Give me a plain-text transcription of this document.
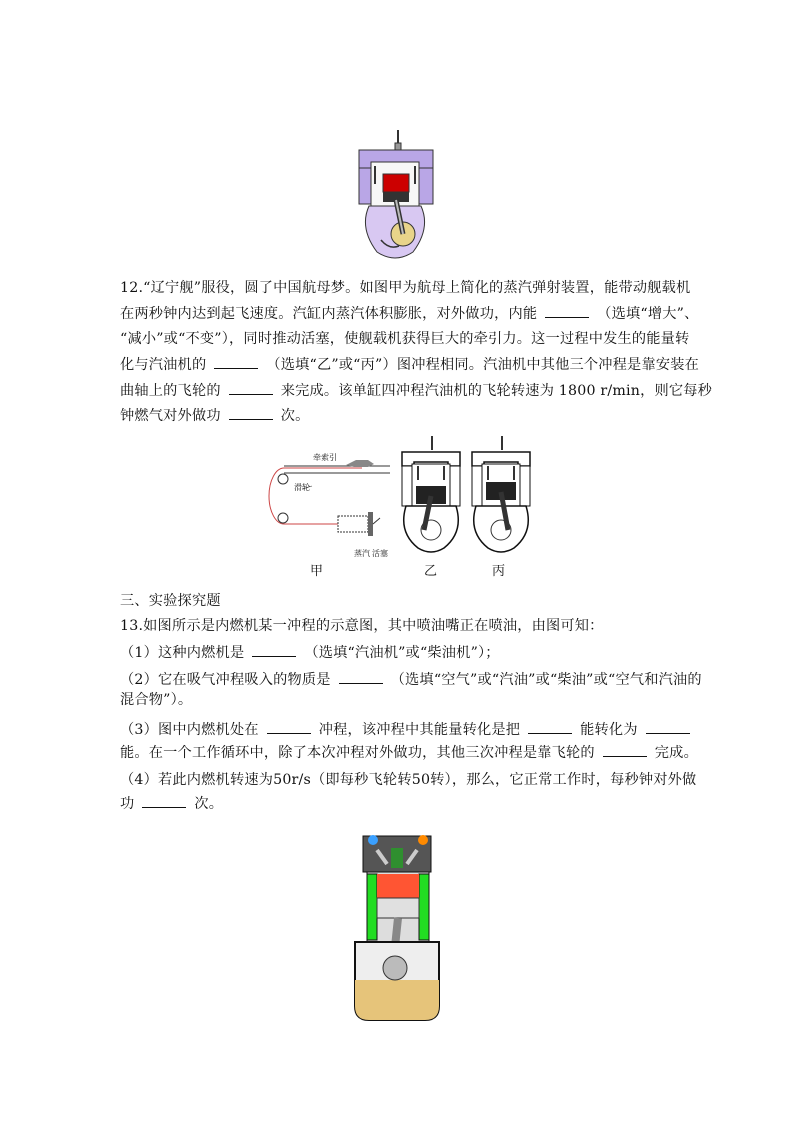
12.“辽宁舰”服役，圆了中国航母梦。如图甲为航母上简化的蒸汽弹射装置，能带动舰载机
在两秒钟内达到起飞速度。汽缸内蒸汽体积膨胀，对外做功，内能	（选填“增大”、
“减小”或“不变”），同时推动活塞，使舰载机获得巨大的牵引力。这一过程中发生的能量转
化与汽油机的	（选填“乙”或“丙”）图冲程相同。汽油机中其他三个冲程是靠安装在
曲轴上的飞轮的	来完成。该单缸四冲程汽油机的飞轮转速为 1800 r/min，则它每秒
钟燃气对外做功	次。
牵索引
滑轮
蒸汽 活塞
甲	乙	丙
三、实验探究题
13.如图所示是内燃机某一冲程的示意图，其中喷油嘴正在喷油，由图可知：
（1）这种内燃机是	（选填“汽油机”或“柴油机”）；
（2）它在吸气冲程吸入的物质是	（选填“空气”或“汽油”或“柴油”或“空气和汽油的
混合物”）。
（3）图中内燃机处在	冲程，该冲程中其能量转化是把	能转化为
能。在一个工作循环中，除了本次冲程对外做功，其他三次冲程是靠飞轮的	完成。
（4）若此内燃机转速为50r/s（即每秒飞轮转50转），那么，它正常工作时，每秒钟对外做
功	次。
